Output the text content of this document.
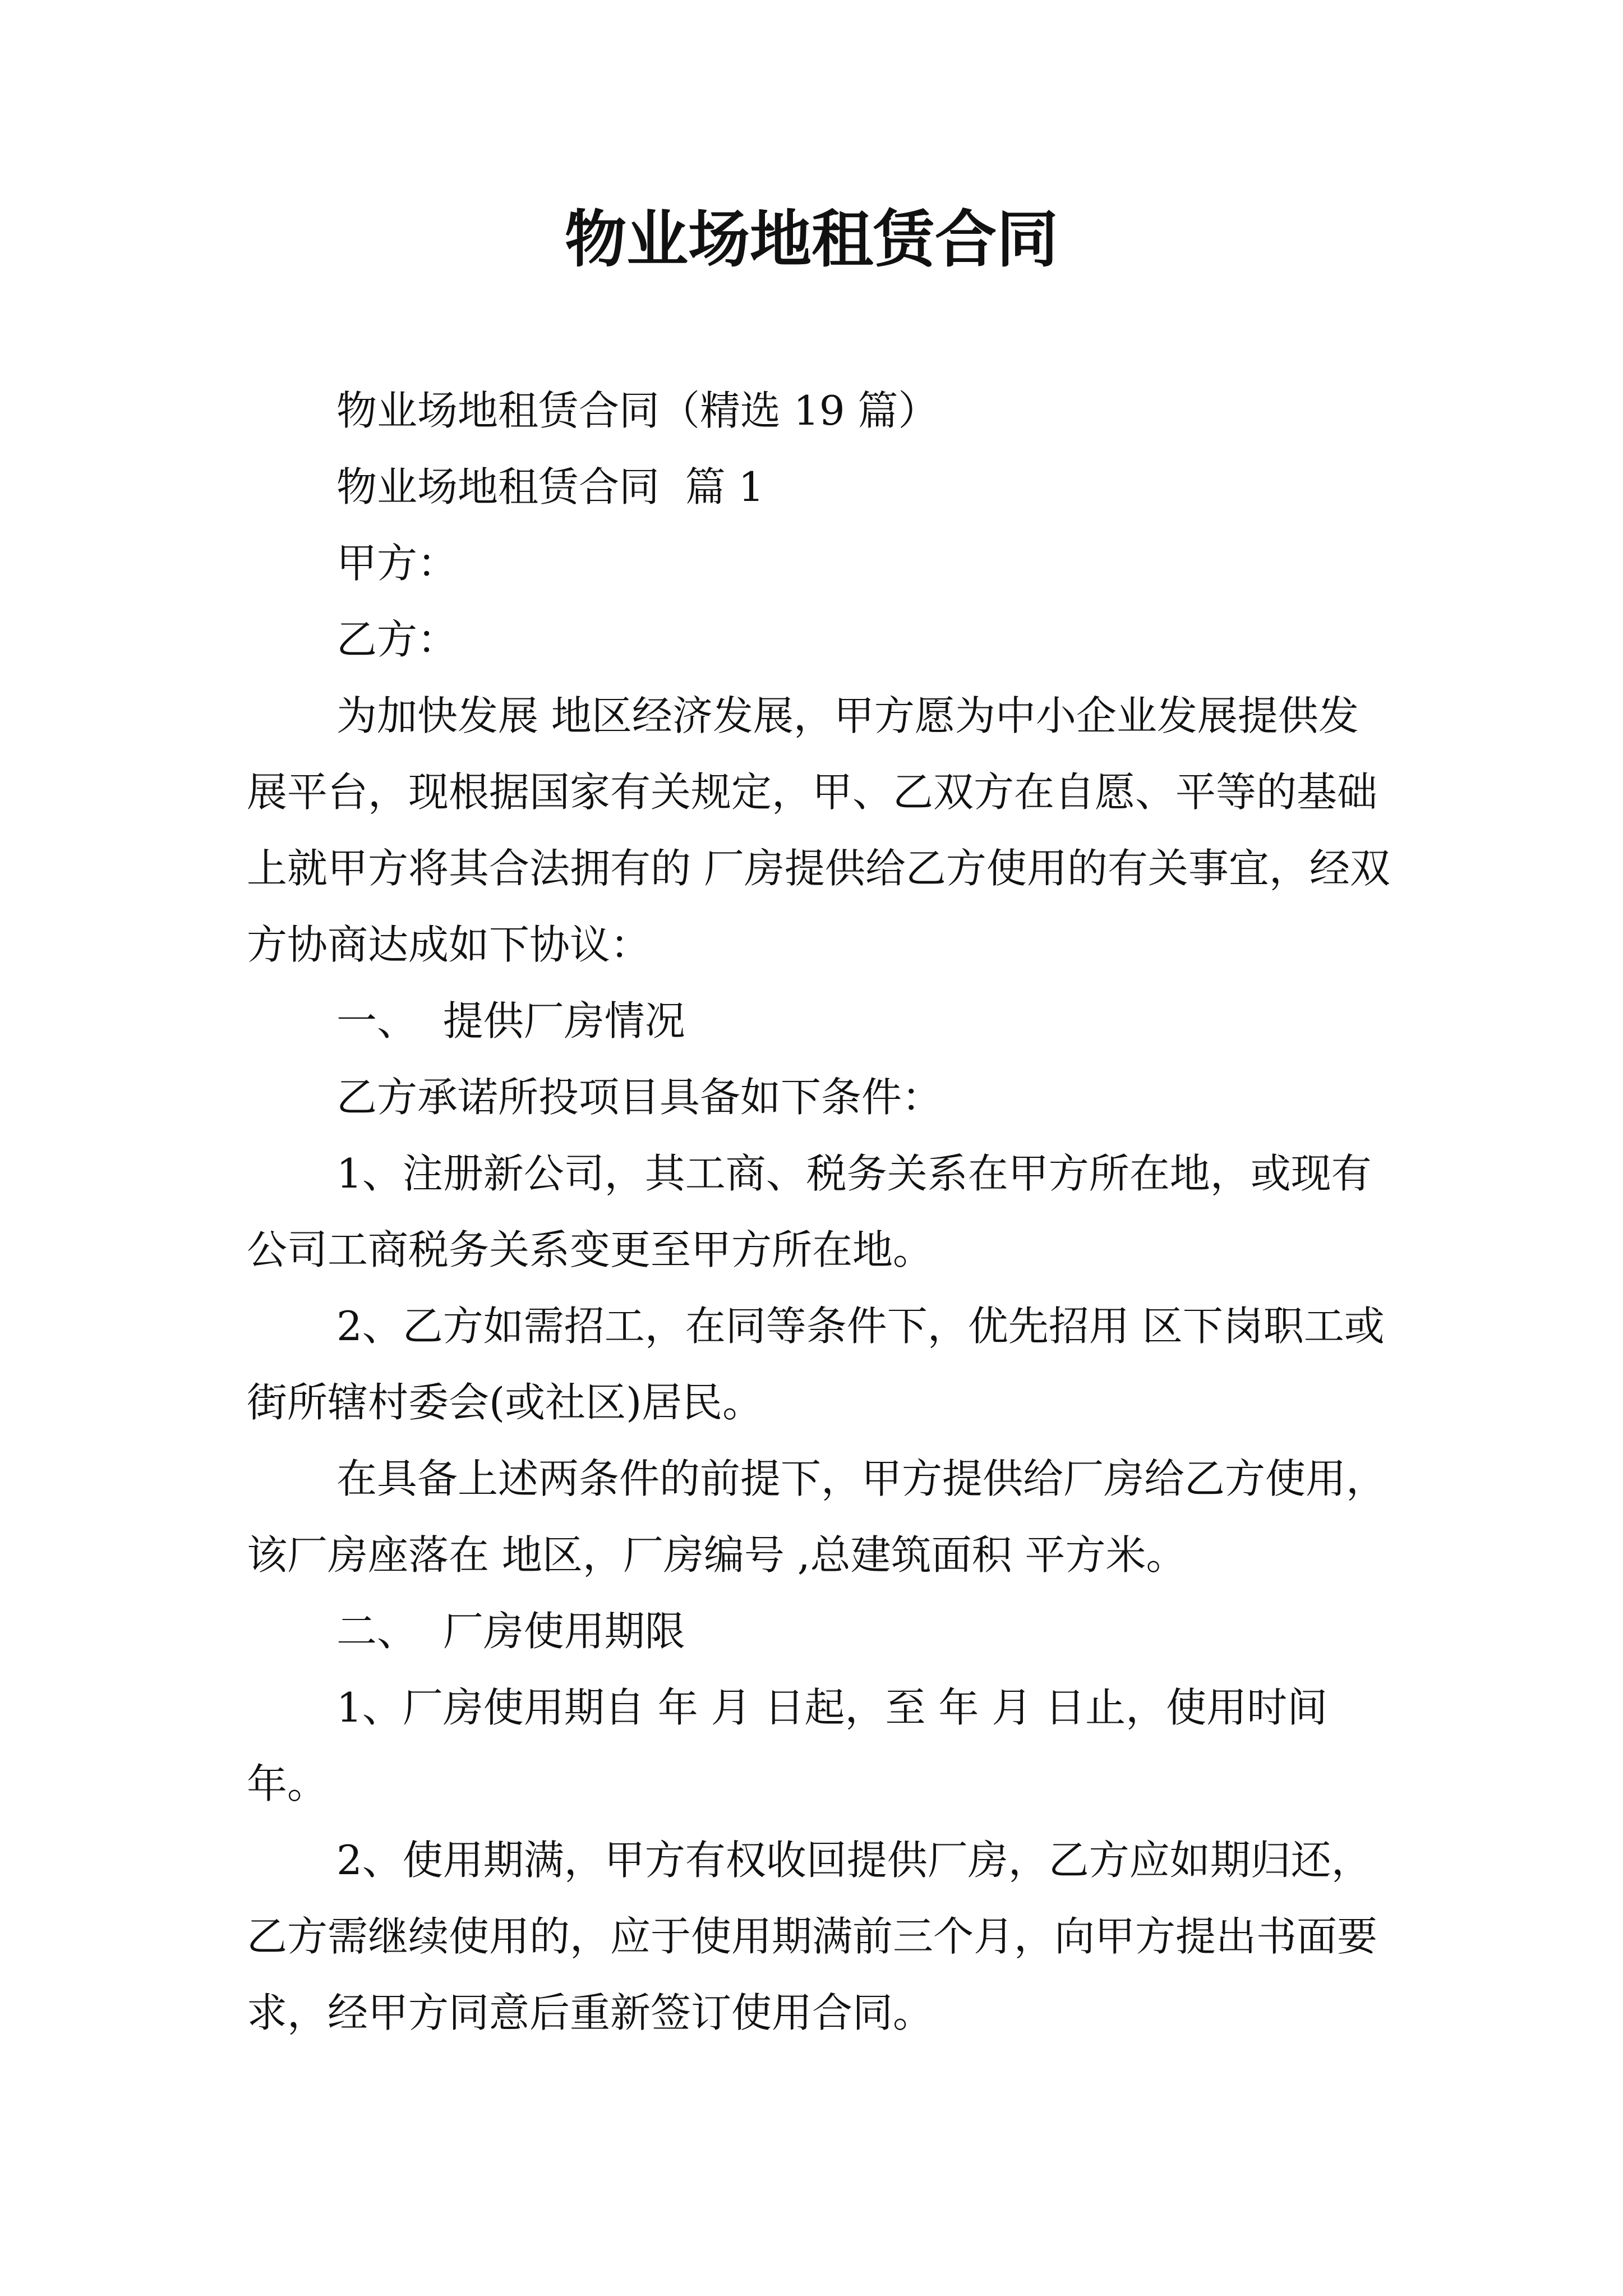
物业场地租赁合同

物业场地租赁合同（精选 19 篇）

物业场地租赁合同  篇 1

甲方：

乙方：

为加快发展 地区经济发展，甲方愿为中小企业发展提供发展平台，现根据国家有关规定，甲、乙双方在自愿、平等的基础上就甲方将其合法拥有的 厂房提供给乙方使用的有关事宜，经双方协商达成如下协议：

一、  提供厂房情况

乙方承诺所投项目具备如下条件：

1、注册新公司，其工商、税务关系在甲方所在地，或现有公司工商税务关系变更至甲方所在地。

2、乙方如需招工，在同等条件下，优先招用 区下岗职工或 街所辖村委会(或社区)居民。

在具备上述两条件的前提下，甲方提供给厂房给乙方使用，该厂房座落在 地区，厂房编号 ,总建筑面积 平方米。

二、  厂房使用期限

1、厂房使用期自 年 月 日起，至 年 月 日止，使用时间 年。

2、使用期满，甲方有权收回提供厂房，乙方应如期归还，乙方需继续使用的，应于使用期满前三个月，向甲方提出书面要求，经甲方同意后重新签订使用合同。
